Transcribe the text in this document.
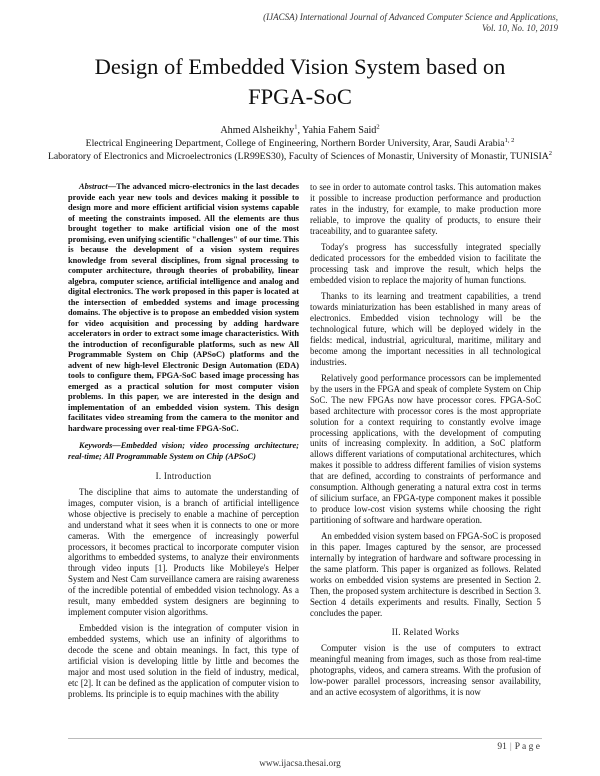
(IJACSA) International Journal of Advanced Computer Science and Applications,
Vol. 10, No. 10, 2019
Design of Embedded Vision System based on
FPGA-SoC
Ahmed Alsheikhy$^1$, Yahia Fahem Said$^2$
Electrical Engineering Department, College of Engineering, Northern Border University, Arar, Saudi Arabia$^{1, 2}$
Laboratory of Electronics and Microelectronics (LR99ES30), Faculty of Sciences of Monastir, University of Monastir, TUNISIA$^2$

Abstract—The advanced micro-electronics in the last decades provide each year new tools and devices making it possible to design more and more efficient artificial vision systems capable of meeting the constraints imposed. All the elements are thus brought together to make artificial vision one of the most promising, even unifying scientific "challenges" of our time. This is because the development of a vision system requires knowledge from several disciplines, from signal processing to computer architecture, through theories of probability, linear algebra, computer science, artificial intelligence and analog and digital electronics. The work proposed in this paper is located at the intersection of embedded systems and image processing domains. The objective is to propose an embedded vision system for video acquisition and processing by adding hardware accelerators in order to extract some image characteristics. With the introduction of reconfigurable platforms, such as new All Programmable System on Chip (APSoC) platforms and the advent of new high-level Electronic Design Automation (EDA) tools to configure them, FPGA-SoC based image processing has emerged as a practical solution for most computer vision problems. In this paper, we are interested in the design and implementation of an embedded vision system. This design facilitates video streaming from the camera to the monitor and hardware processing over real-time FPGA-SoC.

Keywords—Embedded vision; video processing architecture; real-time; All Programmable System on Chip (APSoC)

I. Introduction

The discipline that aims to automate the understanding of images, computer vision, is a branch of artificial intelligence whose objective is precisely to enable a machine of perception and understand what it sees when it is connects to one or more cameras. With the emergence of increasingly powerful processors, it becomes practical to incorporate computer vision algorithms to embedded systems, to analyze their environments through video inputs [1]. Products like Mobileye's Helper System and Nest Cam surveillance camera are raising awareness of the incredible potential of embedded vision technology. As a result, many embedded system designers are beginning to implement computer vision algorithms.

Embedded vision is the integration of computer vision in embedded systems, which use an infinity of algorithms to decode the scene and obtain meanings. In fact, this type of artificial vision is developing little by little and becomes the major and most used solution in the field of industry, medical, etc [2]. It can be defined as the application of computer vision to problems. Its principle is to equip machines with the ability

to see in order to automate control tasks. This automation makes it possible to increase production performance and production rates in the industry, for example, to make production more reliable, to improve the quality of products, to ensure their traceability, and to guarantee safety.

Today's progress has successfully integrated specially dedicated processors for the embedded vision to facilitate the processing task and improve the result, which helps the embedded vision to replace the majority of human functions.

Thanks to its learning and treatment capabilities, a trend towards miniaturization has been established in many areas of electronics. Embedded vision technology will be the technological future, which will be deployed widely in the fields: medical, industrial, agricultural, maritime, military and become among the important necessities in all technological industries.

Relatively good performance processors can be implemented by the users in the FPGA and speak of complete System on Chip SoC. The new FPGAs now have processor cores. FPGA-SoC based architecture with processor cores is the most appropriate solution for a context requiring to constantly evolve image processing applications, with the development of computing units of increasing complexity. In addition, a SoC platform allows different variations of computational architectures, which makes it possible to address different families of vision systems that are defined, according to constraints of performance and consumption. Although generating a natural extra cost in terms of silicium surface, an FPGA-type component makes it possible to produce low-cost vision systems while choosing the right partitioning of software and hardware operation.

An embedded vision system based on FPGA-SoC is proposed in this paper. Images captured by the sensor, are processed internally by integration of hardware and software processing in the same platform. This paper is organized as follows. Related works on embedded vision systems are presented in Section 2. Then, the proposed system architecture is described in Section 3. Section 4 details experiments and results. Finally, Section 5 concludes the paper.

II. Related Works

Computer vision is the use of computers to extract meaningful meaning from images, such as those from real-time photographs, videos, and camera streams. With the profusion of low-power parallel processors, increasing sensor availability, and an active ecosystem of algorithms, it is now

91 | P a g e
www.ijacsa.thesai.org
